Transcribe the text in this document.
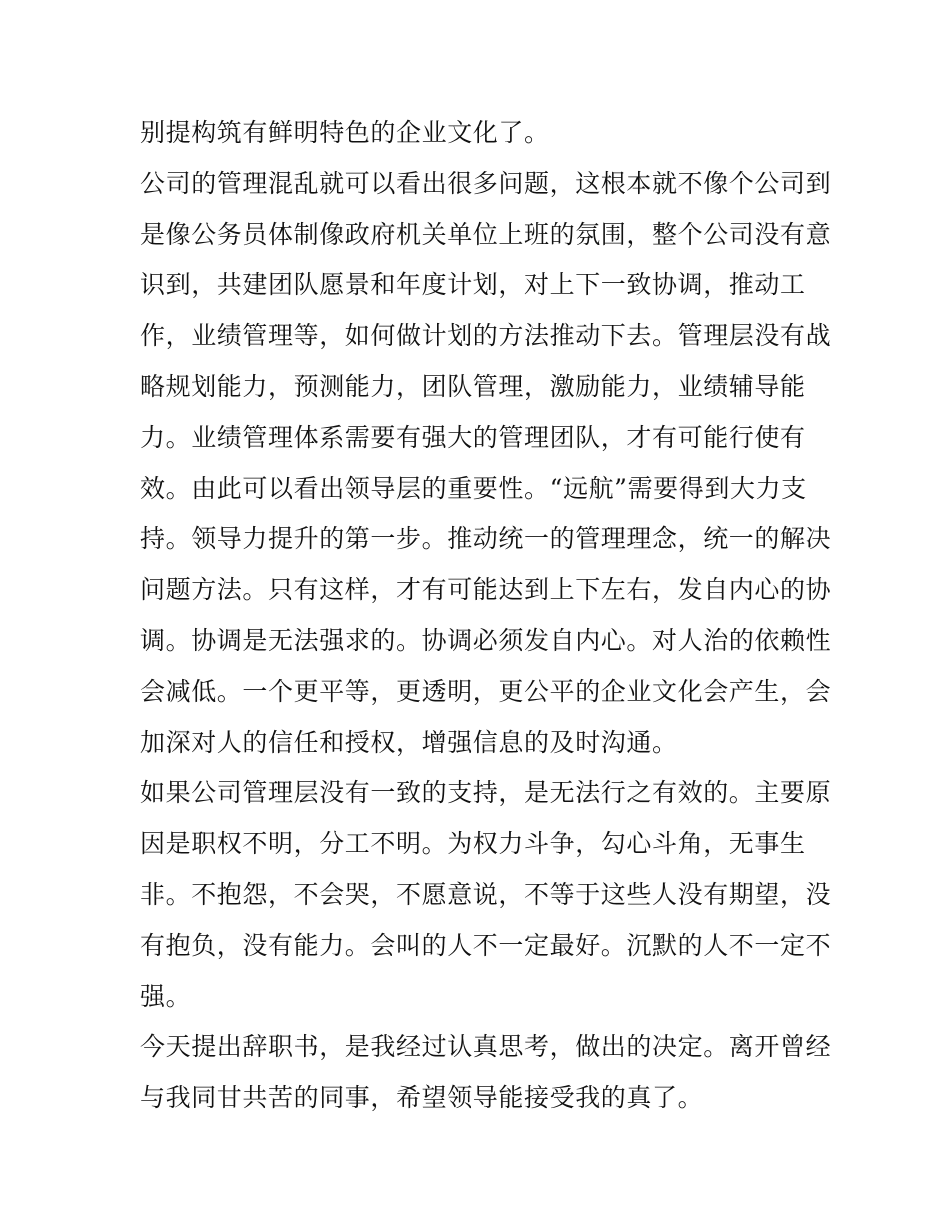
别提构筑有鲜明特色的企业文化了。
公司的管理混乱就可以看出很多问题，这根本就不像个公司到
是像公务员体制像政府机关单位上班的氛围，整个公司没有意
识到，共建团队愿景和年度计划，对上下一致协调，推动工
作，业绩管理等，如何做计划的方法推动下去。管理层没有战
略规划能力，预测能力，团队管理，激励能力，业绩辅导能
力。业绩管理体系需要有强大的管理团队，才有可能行使有
效。由此可以看出领导层的重要性。“远航”需要得到大力支
持。领导力提升的第一步。推动统一的管理理念，统一的解决
问题方法。只有这样，才有可能达到上下左右，发自内心的协
调。协调是无法强求的。协调必须发自内心。对人治的依赖性
会减低。一个更平等，更透明，更公平的企业文化会产生，会
加深对人的信任和授权，增强信息的及时沟通。
如果公司管理层没有一致的支持，是无法行之有效的。主要原
因是职权不明，分工不明。为权力斗争，勾心斗角，无事生
非。不抱怨，不会哭，不愿意说，不等于这些人没有期望，没
有抱负，没有能力。会叫的人不一定最好。沉默的人不一定不
强。
今天提出辞职书，是我经过认真思考，做出的决定。离开曾经
与我同甘共苦的同事，希望领导能接受我的真了。
